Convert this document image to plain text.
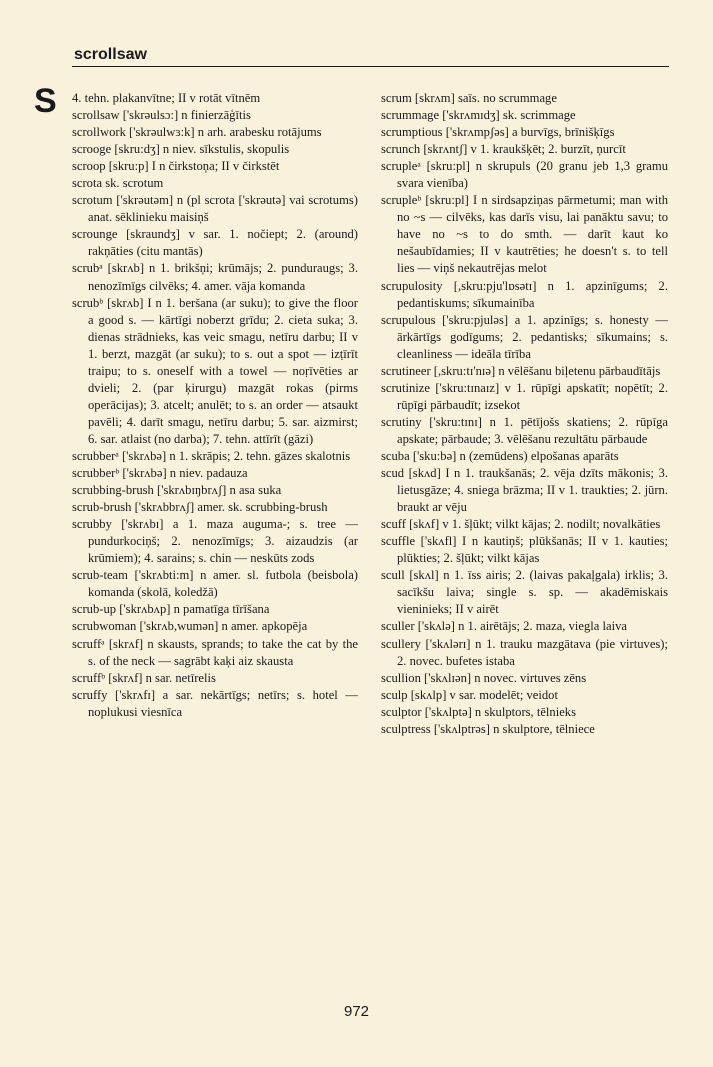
scrollsaw
S 4. tehn. plakanvītne; II v rotāt vītnēm

scrollsaw ['skrəulsɔ:] n finierzāģītis

scrollwork ['skrəulwɜ:k] n arh. arabesku rotājums

scrooge [skru:dʒ] n niev. sīkstulis, skopulis

scroop [skru:p] I n čirkstoņa; II v čirkstēt

scrota sk. scrotum

scrotum ['skrəutəm] n (pl scrota ['skrəutə] vai scrotums) anat. sēklinieku maisiņš

scrounge [skraundʒ] v sar. 1. nočiept; 2. (around) rakņāties (citu mantās)

scrubᵃ [skrʌb] n 1. brikšņi; krūmājs; 2. punduraugs; 3. nenozīmīgs cilvēks; 4. amer. vāja komanda

scrubᵇ [skrʌb] I n 1. beršana (ar suku); to give the floor a good s. — kārtīgi noberzt grīdu; 2. cieta suka; 3. dienas strādnieks, kas veic smagu, netīru darbu; II v 1. berzt, mazgāt (ar suku); to s. out a spot — izṭīrīt traipu; to s. oneself with a towel — noṛīvēties ar dvieli; 2. (par ķirurgu) mazgāt rokas (pirms operācijas); 3. atcelt; anulēt; to s. an order — atsaukt pavēli; 4. darīt smagu, netīru darbu; 5. sar. aizmirst; 6. sar. atlaist (no darba); 7. tehn. attīrīt (gāzi)

scrubberᵃ ['skrʌbə] n 1. skrāpis; 2. tehn. gāzes skalotnis

scrubberᵇ ['skrʌbə] n niev. padauza

scrubbing-brush ['skrʌbɪŋbrʌʃ] n asa suka

scrub-brush ['skrʌbbrʌʃ] amer. sk. scrubbing-brush

scrubby ['skrʌbɪ] a 1. maza auguma-; s. tree — pundurkociņš; 2. nenozīmīgs; 3. aizaudzis (ar krūmiem); 4. sarains; s. chin — neskūts zods

scrub-team ['skrʌbti:m] n amer. sl. futbola (beisbola) komanda (skolā, koledžā)

scrub-up ['skrʌbʌp] n pamatīga tīrīšana

scrubwoman ['skrʌb,wumən] n amer. apkopēja

scruffᵃ [skrʌf] n skausts, sprands; to take the cat by the s. of the neck — sagrābt kaķi aiz skausta

scruffᵇ [skrʌf] n sar. netīrelis

scruffy ['skrʌfɪ] a sar. nekārtīgs; netīrs; s. hotel — noplukusi viesnīca

scrum [skrʌm] saīs. no scrummage

scrummage ['skrʌmɪdʒ] sk. scrimmage

scrumptious ['skrʌmpʃəs] a burvīgs, brīnišķīgs

scrunch [skrʌntʃ] v 1. kraukšķēt; 2. burzīt, ņurcīt

scrupleᵃ [skru:pl] n skrupuls (20 granu jeb 1,3 gramu svara vienība)

scrupleᵇ [skru:pl] I n sirdsapziņas pārmetumi; man with no ~s — cilvēks, kas darīs visu, lai panāktu savu; to have no ~s to do smth. — darīt kaut ko nešaubīdamies; II v kautrēties; he doesn't s. to tell lies — viņš nekautrējas melot

scrupulosity [,skru:pju'lɒsətɪ] n 1. apzinīgums; 2. pedantiskums; sīkumainība

scrupulous ['skru:pjuləs] a 1. apzinīgs; s. honesty — ārkārtīgs godīgums; 2. pedantisks; sīkumains; s. cleanliness — ideāla tīrība

scrutineer [,skru:tɪ'nɪə] n vēlēšanu biļetenu pārbaudītājs

scrutinize ['skru:tɪnaɪz] v 1. rūpīgi apskatīt; nopētīt; 2. rūpīgi pārbaudīt; izsekot

scrutiny ['skru:tɪnɪ] n 1. pētījošs skatiens; 2. rūpīga apskate; pārbaude; 3. vēlēšanu rezultātu pārbaude

scuba ['sku:bə] n (zemūdens) elpošanas aparāts

scud [skʌd] I n 1. traukšanās; 2. vēja dzīts mākonis; 3. lietusgāze; 4. sniega brāzma; II v 1. traukties; 2. jūrn. braukt ar vēju

scuff [skʌf] v 1. šļūkt; vilkt kājas; 2. nodilt; novalkāties

scuffle ['skʌfl] I n kautiņš; plūkšanās; II v 1. kauties; plūkties; 2. šļūkt; vilkt kājas

scull [skʌl] n 1. īss airis; 2. (laivas pakaļgala) irklis; 3. sacīkšu laiva; single s. sp. — akadēmiskais vieninieks; II v airēt

sculler ['skʌlə] n 1. airētājs; 2. maza, viegla laiva

scullery ['skʌlərɪ] n 1. trauku mazgātava (pie virtuves); 2. novec. bufetes istaba

scullion ['skʌlɪən] n novec. virtuves zēns

sculp [skʌlp] v sar. modelēt; veidot

sculptor ['skʌlptə] n skulptors, tēlnieks

sculptress ['skʌlptrəs] n skulptore, tēlniece

972
